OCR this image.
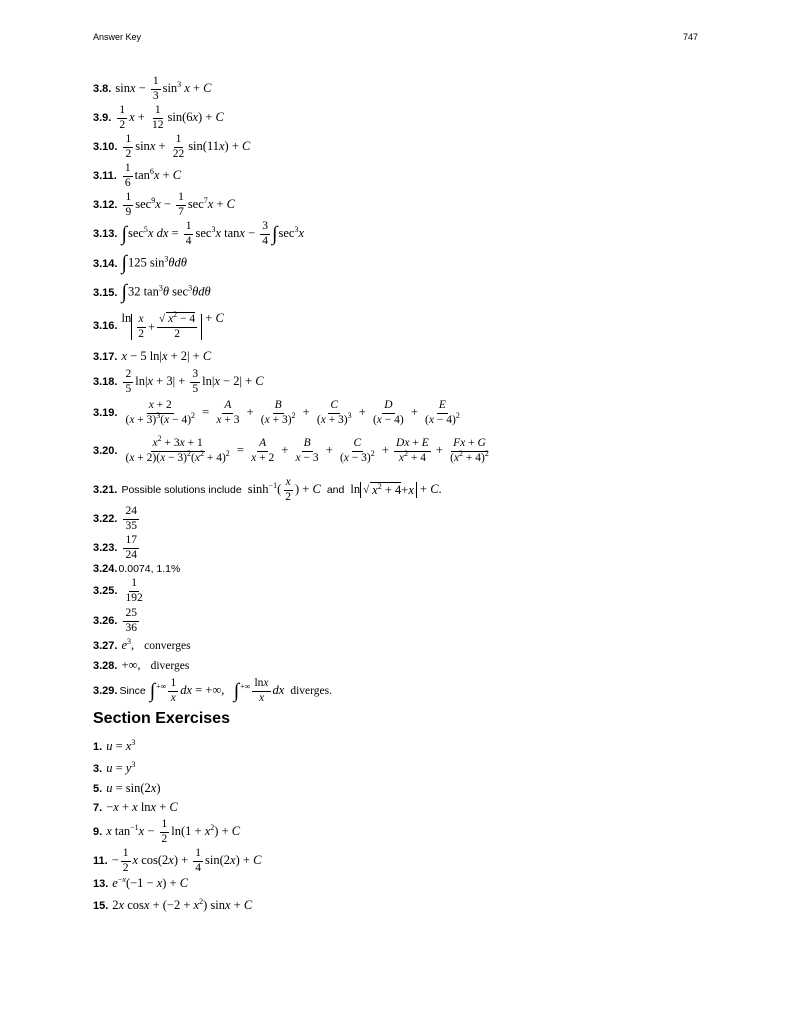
Answer Key	747
3.8. $\sin x - \frac{1}{3} \sin^3 x + C$
3.9. $\frac{1}{2}$ $x + \frac{1}{12} \sin(6x) + C$
3.10. $\frac{1}{2}$ $\sin x + \frac{1}{22} \sin(11x) + C$
3.11. $\frac{1}{6} \tan^6x + C$
3.12. $\frac{1}{9} \sec^9x - \frac{1}{7} \sec^7x + C$
3.13. $\int\sec^5x$ dx = $\frac{1}{4} \sec^3x$ $\tan x - \frac{3}{4} \int\sec^3x$
3.14. ∫125 $\sin^3\theta d\theta$
3.15. ∫32 $\tan^3\theta$ $\sec^3\theta d\theta$
3.16.
ln x
2 +
√ $x^2 - 4$
2
+ C
3.17. x − 5 ln|x + 2| + C
3.18. $\frac{2}{5} \ln|x + 3| + \frac{3}{5} \ln|x - 2| + C$
3.19. $\frac{x + 2}{(x + 3)^3(x - 4)^2} = \frac{A}{x + 3} + \frac{B}{(x + 3)^2} + \frac{C}{(x + 3)^3} + \frac{D}{(x - 4)} + \frac{E}{(x - 4)^2}$
3.20. $\frac{x^2 + 3x + 1}{(x + 2)(x - 3)^2(x^2 + 4)^2} = \frac{A}{x + 2} + \frac{B}{x - 3} + \frac{C}{(x - 3)^2} + \frac{Dx + E}{x^2 + 4} + \frac{Fx + G}{(x^2 + 4)^2}$
3.21. Possible solutions include $\sinh^{-1}( \frac{x}{2}$ ) + C and ln √ $x^2 + 4 + x + C$.
3.22. $\frac{24}{35}$
3.23. $\frac{17}{24}$
3.24. 0.0074, 1.1%
3.25. $\frac{1}{192}$
3.26. $\frac{25}{36}$
3.27. $e^3$, converges
3.28. +∞, diverges
3.29. Since $\int^{+\infty} \frac{1}{x}$ dx = +∞,   $\int^{+\infty} \frac{\ln x}{x}$ dx diverges.
Section Exercises
1. $u = x^3$
3. $u = y^3$
5. u = sin(2x)
7. −x + x lnx + C
9. x $\tan^{-1}x - \frac{1}{2} \ln(1 + x^2) + C$
11. − $\frac{1}{2}$ x $\cos(2x) + \frac{1}{4} \sin(2x) + C$
13. $e^{-x}(-1 - x) + C$
15. 2x $\cos x + (-2 + x^2)$ sinx + C
